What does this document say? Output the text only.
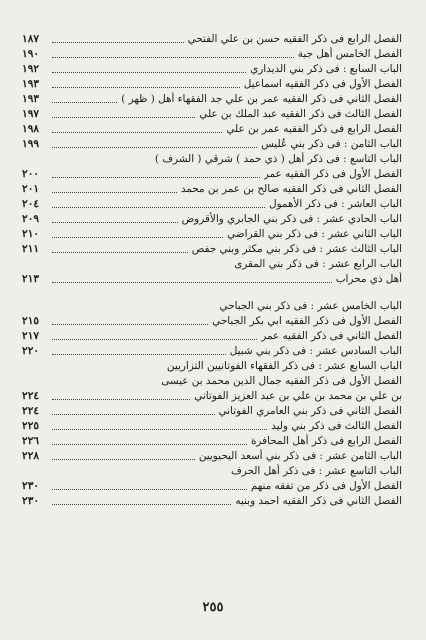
الفصل الرابع فى ذكر الفقيه حسن بن علي الفتحي
١٨٧
الفصل الخامس أهل جبة
١٩٠
الباب السابع : فى ذكر بني الديداري
١٩٢
الفصل الأول فى ذكر الفقيه اسماعيل
١٩٣
الفصل الثاني فى ذكر الفقيه عمر بن علي جد الفقهاء أهل ( ظهر )
١٩٣
الفصل الثالث فى ذكر الفقيه عبد الملك بن علي
١٩٧
الفصل الرابع فى ذكر الفقيه عمر بن علي
١٩٨
الباب الثامن : فى ذكر بني عُليس
١٩٩
الباب التاسع : فى ذكر أهل ( ذي حمد ) شرقي ( الشرف )
الفصل الأول فى ذكر الفقيه عمر
٢٠٠
الفصل الثاني فى ذكر الفقيه صالح بن عمر بن محمد
٢٠١
الباب العاشر : فى ذكر الأهمول
٢٠٤
الباب الحادي عشر : فى ذكر بني الجابري والأقروض
٢٠٩
الباب الثاني عشر : فى ذكر بني القراضي
٢١٠
الباب الثالث عشر : فى ذكر بني مكثر وبني جفص
٢١١
الباب الرابع عشر : فى ذكر بني المقرى
أهل ذي محراب
٢١٣
الباب الخامس عشر : فى ذكر بني الجباحي
الفصل الأول فى ذكر الفقيه ابي بكر الجباحي
٢١٥
الفصل الثاني فى ذكر الفقيه عمر
٢١٧
الباب السادس عشر : فى ذكر بني شبيل
٢٢٠
الباب السابع عشر : فى ذكر الفقهاء الفوتانيين التزاريين
الفصل الأول فى ذكر الفقيه جمال الدين محمد بن عيسى
بن علي بن محمد بن علي بن عبد العزيز الفوتاني
٢٢٤
الفصل الثاني فى ذكر بني العامري الفوتاني
٢٢٤
الفصل الثالث فى ذكر بني وليد
٢٢٥
الفصل الرابع فى ذكر أهل المحافرة
٢٢٦
الباب الثامن عشر : فى ذكر بني أسعد اليحيويين
٢٢٨
الباب التاسع عشر : فى ذكر أهل الحرف
الفصل الأول فى ذكر من تفقه منهم
٢٣٠
الفصل الثاني فى ذكر الفقيه احمد وبنيه
٢٣٠
٢٥٥
